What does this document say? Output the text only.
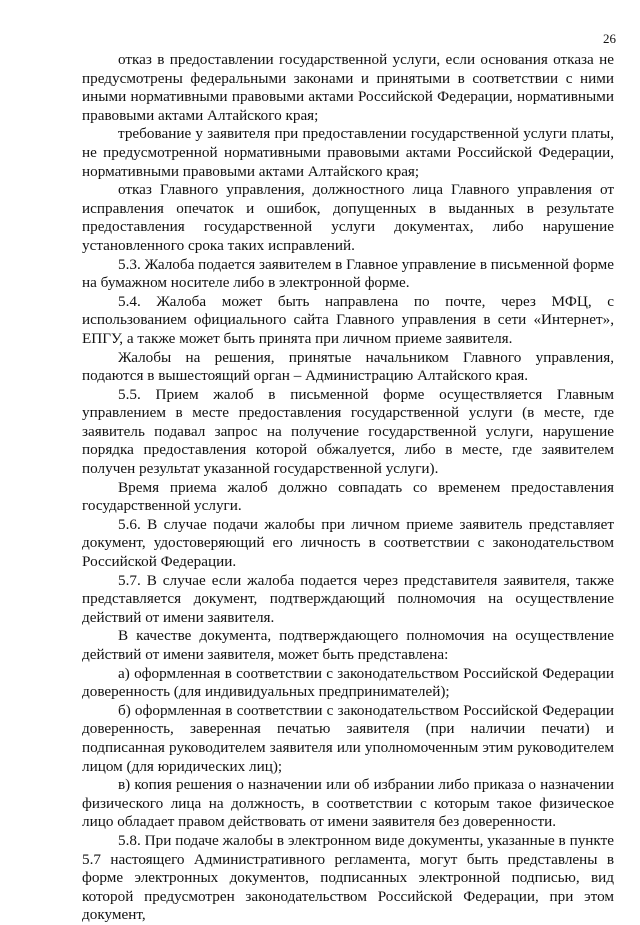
26

отказ в предоставлении государственной услуги, если основания отказа не предусмотрены федеральными законами и принятыми в соответствии с ними иными нормативными правовыми актами Российской Федерации, нормативными правовыми актами Алтайского края;

требование у заявителя при предоставлении государственной услуги платы, не предусмотренной нормативными правовыми актами Российской Федерации, нормативными правовыми актами Алтайского края;

отказ Главного управления, должностного лица Главного управления от исправления опечаток и ошибок, допущенных в выданных в результате предоставления государственной услуги документах, либо нарушение установленного срока таких исправлений.

5.3. Жалоба подается заявителем в Главное управление в письменной форме на бумажном носителе либо в электронной форме.

5.4. Жалоба может быть направлена по почте, через МФЦ, с использованием официального сайта Главного управления в сети «Интернет», ЕПГУ, а также может быть принята при личном приеме заявителя.

Жалобы на решения, принятые начальником Главного управления, подаются в вышестоящий орган – Администрацию Алтайского края.

5.5. Прием жалоб в письменной форме осуществляется Главным управлением в месте предоставления государственной услуги (в месте, где заявитель подавал запрос на получение государственной услуги, нарушение порядка предоставления которой обжалуется, либо в месте, где заявителем получен результат указанной государственной услуги).

Время приема жалоб должно совпадать со временем предоставления государственной услуги.

5.6. В случае подачи жалобы при личном приеме заявитель представляет документ, удостоверяющий его личность в соответствии с законодательством Российской Федерации.

5.7. В случае если жалоба подается через представителя заявителя, также представляется документ, подтверждающий полномочия на осуществление действий от имени заявителя.

В качестве документа, подтверждающего полномочия на осуществление действий от имени заявителя, может быть представлена:

а) оформленная в соответствии с законодательством Российской Федерации доверенность (для индивидуальных предпринимателей);

б) оформленная в соответствии с законодательством Российской Федерации доверенность, заверенная печатью заявителя (при наличии печати) и подписанная руководителем заявителя или уполномоченным этим руководителем лицом (для юридических лиц);

в) копия решения о назначении или об избрании либо приказа о назначении физического лица на должность, в соответствии с которым такое физическое лицо обладает правом действовать от имени заявителя без доверенности.

5.8. При подаче жалобы в электронном виде документы, указанные в пункте 5.7 настоящего Административного регламента, могут быть представлены в форме электронных документов, подписанных электронной подписью, вид которой предусмотрен законодательством Российской Федерации, при этом документ,
